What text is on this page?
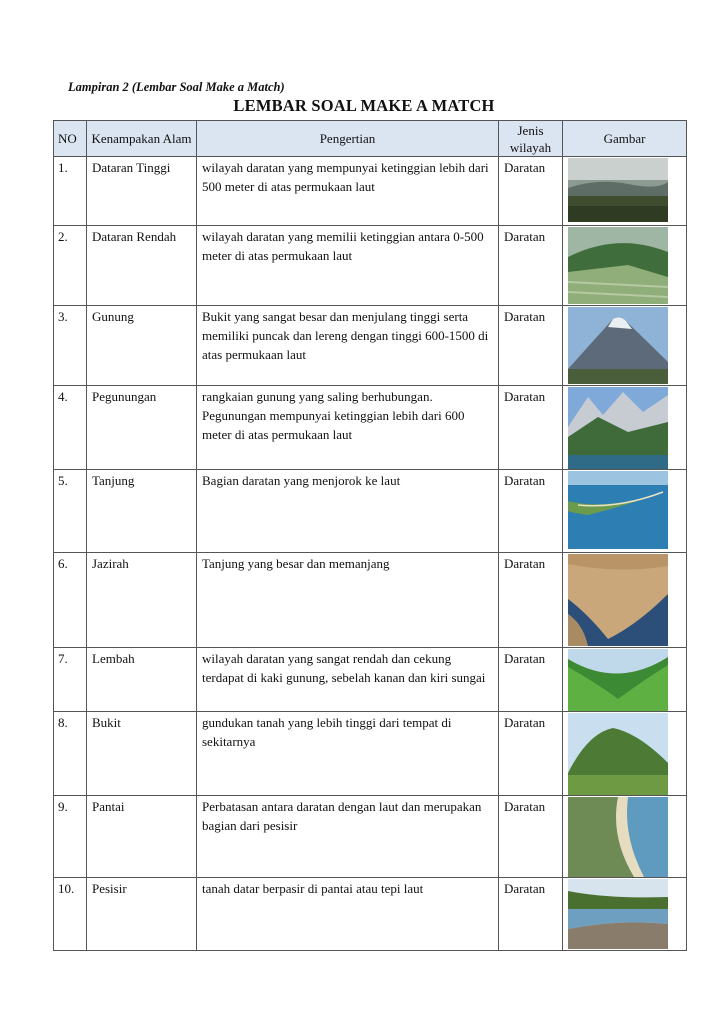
Lampiran 2 (Lembar Soal Make a Match)
LEMBAR SOAL MAKE A MATCH
NO	Kenampakan Alam	Pengertian	Jenis wilayah	Gambar
1.	Dataran Tinggi	wilayah daratan yang mempunyai ketinggian lebih dari 500 meter di atas permukaan laut	Daratan	

2.	Dataran Rendah	wilayah daratan yang memilii ketinggian antara 0-500 meter di atas permukaan laut	Daratan	

3.	Gunung	Bukit yang sangat besar dan menjulang tinggi serta memiliki puncak dan lereng dengan tinggi 600-1500 di atas permukaan laut	Daratan	

4.	Pegunungan	rangkaian gunung yang saling berhubungan. Pegunungan mempunyai ketinggian lebih dari 600 meter di atas permukaan laut	Daratan	

5.	Tanjung	Bagian daratan yang menjorok ke laut	Daratan	

6.	Jazirah	Tanjung yang besar dan memanjang	Daratan	

7.	Lembah	wilayah daratan yang sangat rendah dan cekung terdapat di kaki gunung, sebelah kanan dan kiri sungai	Daratan	

8.	Bukit	gundukan tanah yang lebih tinggi dari tempat di sekitarnya	Daratan	

9.	Pantai	Perbatasan antara daratan dengan laut dan merupakan bagian dari pesisir	Daratan	

10.	Pesisir	tanah datar berpasir di pantai atau tepi laut	Daratan	
